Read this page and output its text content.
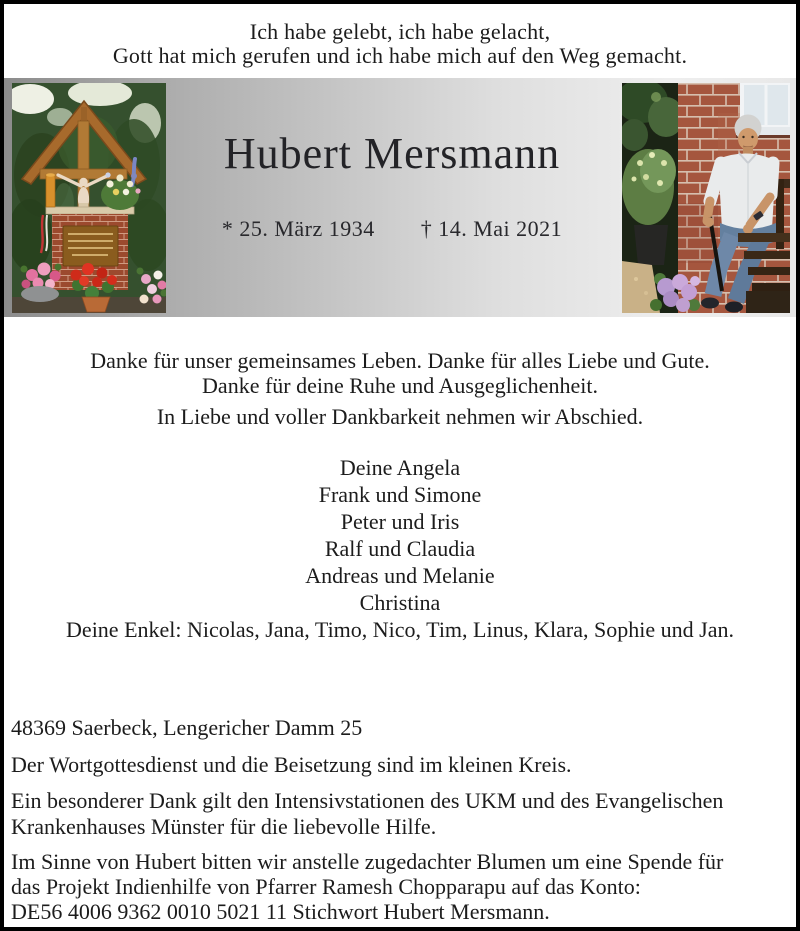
Ich habe gelebt, ich habe gelacht,
Gott hat mich gerufen und ich habe mich auf den Weg gemacht.
Hubert Mersmann
* 25. März 1934 † 14. Mai 2021
Danke für unser gemeinsames Leben. Danke für alles Liebe und Gute.
Danke für deine Ruhe und Ausgeglichenheit.
In Liebe und voller Dankbarkeit nehmen wir Abschied.
Deine Angela
Frank und Simone
Peter und Iris
Ralf und Claudia
Andreas und Melanie
Christina
Deine Enkel: Nicolas, Jana, Timo, Nico, Tim, Linus, Klara, Sophie und Jan.
48369 Saerbeck, Lengericher Damm 25
Der Wortgottesdienst und die Beisetzung sind im kleinen Kreis.
Ein besonderer Dank gilt den Intensivstationen des UKM und des Evangelischen
Krankenhauses Münster für die liebevolle Hilfe.
Im Sinne von Hubert bitten wir anstelle zugedachter Blumen um eine Spende für
das Projekt Indienhilfe von Pfarrer Ramesh Chopparapu auf das Konto:
DE56 4006 9362 0010 5021 11 Stichwort Hubert Mersmann.
